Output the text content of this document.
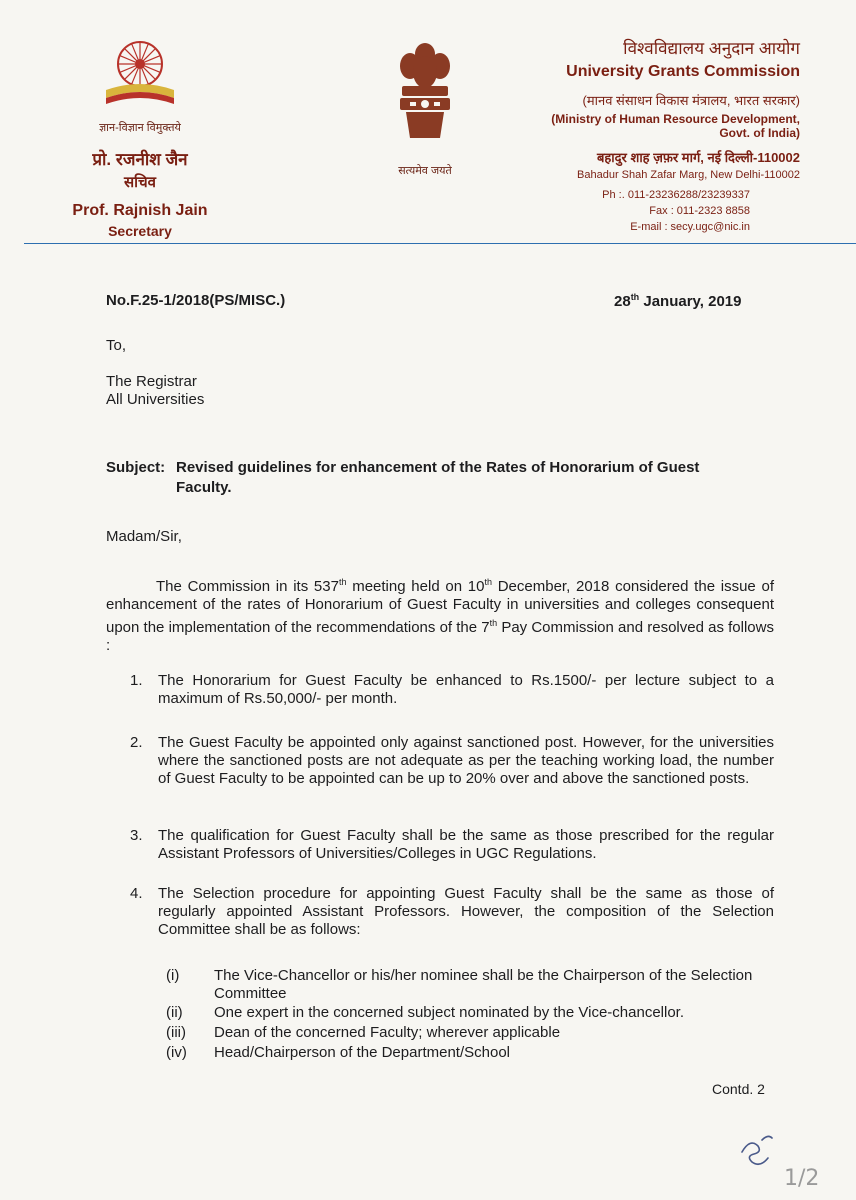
ज्ञान-विज्ञान विमुक्तये
प्रो. रजनीश जैन
सचिव
Prof. Rajnish Jain
Secretary
सत्यमेव जयते
विश्वविद्यालय अनुदान आयोग
University Grants Commission
(मानव संसाधन विकास मंत्रालय, भारत सरकार)
(Ministry of Human Resource Development, Govt. of India)
बहादुर शाह ज़फ़र मार्ग, नई दिल्ली-110002
Bahadur Shah Zafar Marg, New Delhi-110002
Ph :. 011-23236288/23239337
Fax : 011-2323 8858
E-mail : secy.ugc@nic.in
No.F.25-1/2018(PS/MISC.)	28th January, 2019
To,
The Registrar
All Universities
Subject: Revised guidelines for enhancement of the Rates of Honorarium of Guest
Faculty.
Madam/Sir,
The Commission in its 537th meeting held on 10th December, 2018 considered the issue of enhancement of the rates of Honorarium of Guest Faculty in universities and colleges consequent upon the implementation of the recommendations of the 7th Pay Commission and resolved as follows :
1.	The Honorarium for Guest Faculty be enhanced to Rs.1500/- per lecture subject to a maximum of Rs.50,000/- per month.
2.	The Guest Faculty be appointed only against sanctioned post. However, for the universities where the sanctioned posts are not adequate as per the teaching working load, the number of Guest Faculty to be appointed can be up to 20% over and above the sanctioned posts.
3.	The qualification for Guest Faculty shall be the same as those prescribed for the regular Assistant Professors of Universities/Colleges in UGC Regulations.
4.	The Selection procedure for appointing Guest Faculty shall be the same as those of regularly appointed Assistant Professors. However, the composition of the Selection Committee shall be as follows:
(i)	The Vice-Chancellor or his/her nominee shall be the Chairperson of the Selection Committee
(ii)	One expert in the concerned subject nominated by the Vice-chancellor.
(iii)	Dean of the concerned Faculty; wherever applicable
(iv)	Head/Chairperson of the Department/School
Contd. 2
1/2
